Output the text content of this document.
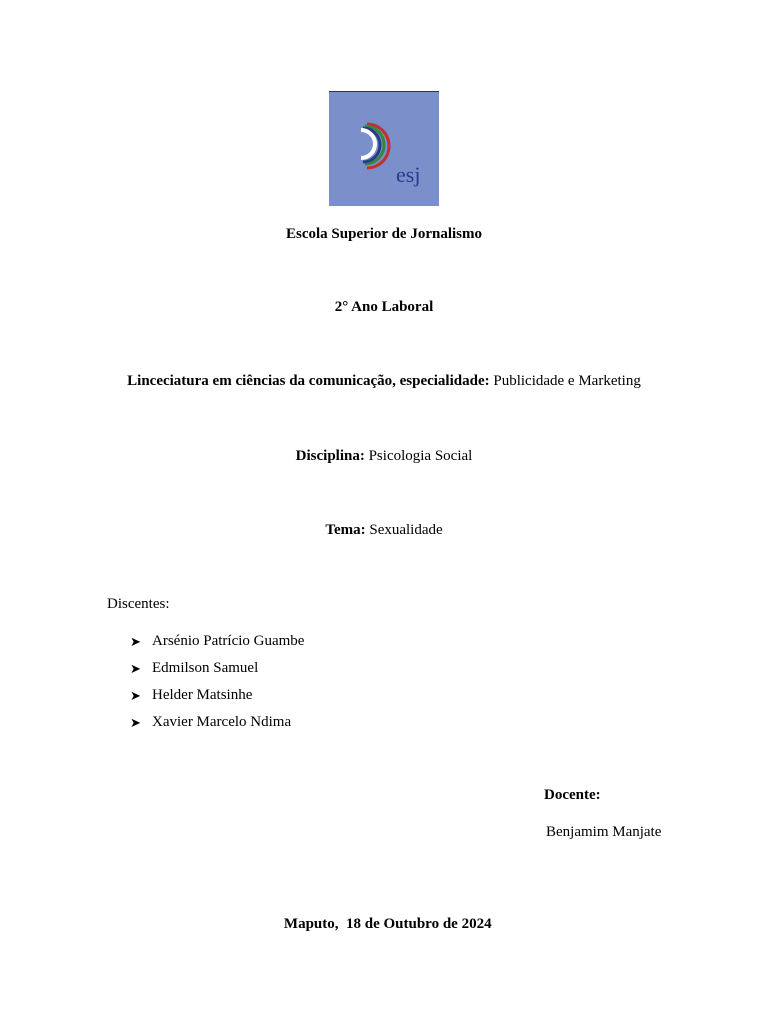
esj
Escola Superior de Jornalismo
2° Ano Laboral
Linceciatura em ciências da comunicação, especialidade: Publicidade e Marketing
Disciplina: Psicologia Social
Tema: Sexualidade
Discentes:
➤ Arsénio Patrício Guambe
➤ Edmilson Samuel
➤ Helder Matsinhe
➤ Xavier Marcelo Ndima
Docente:
Benjamim Manjate

Maputo,  18 de Outubro de 2024
